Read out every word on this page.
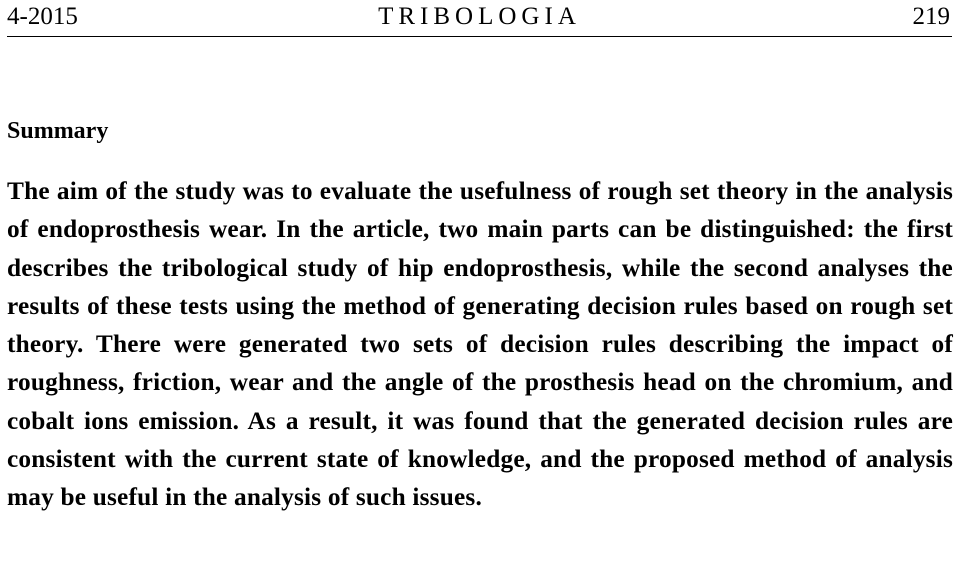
4-2015	TRIBOLOGIA	219
Summary

The aim of the study was to evaluate the usefulness of rough set theory in the analysis of endoprosthesis wear. In the article, two main parts can be distinguished: the first describes the tribological study of hip endoprosthesis, while the second analyses the results of these tests using the method of generating decision rules based on rough set theory. There were generated two sets of decision rules describing the impact of roughness, friction, wear and the angle of the prosthesis head on the chromium, and cobalt ions emission. As a result, it was found that the generated decision rules are consistent with the current state of knowledge, and the proposed method of analysis may be useful in the analysis of such issues.
